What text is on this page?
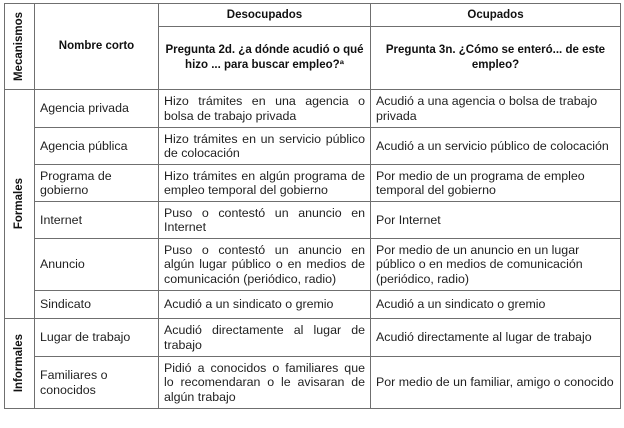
Mecanismos	Nombre corto	Desocupados	Ocupados
		Pregunta 2d. ¿a dónde acudió o qué hizo ... para buscar empleo?ª	Pregunta 3n. ¿Cómo se enteró... de este empleo?

Formales	Agencia privada	Hizo trámites en una agencia o bolsa de trabajo privada	Acudió a una agencia o bolsa de trabajo privada
	Agencia pública	Hizo trámites en un servicio público de colocación	Acudió a un servicio público de colocación
	Programa de gobierno	Hizo trámites en algún programa de empleo temporal del gobierno	Por medio de un programa de empleo temporal del gobierno
	Internet	Puso o contestó un anuncio en Internet	Por Internet
	Anuncio	Puso o contestó un anuncio en algún lugar público o en medios de comunicación (periódico, radio)	Por medio de un anuncio en un lugar público o en medios de comunicación (periódico, radio)
	Sindicato	Acudió a un sindicato o gremio	Acudió a un sindicato o gremio

Informales	Lugar de trabajo	Acudió directamente al lugar de trabajo	Acudió directamente al lugar de trabajo
	Familiares o conocidos	Pidió a conocidos o familiares que lo recomendaran o le avisaran de algún trabajo	Por medio de un familiar, amigo o conocido
